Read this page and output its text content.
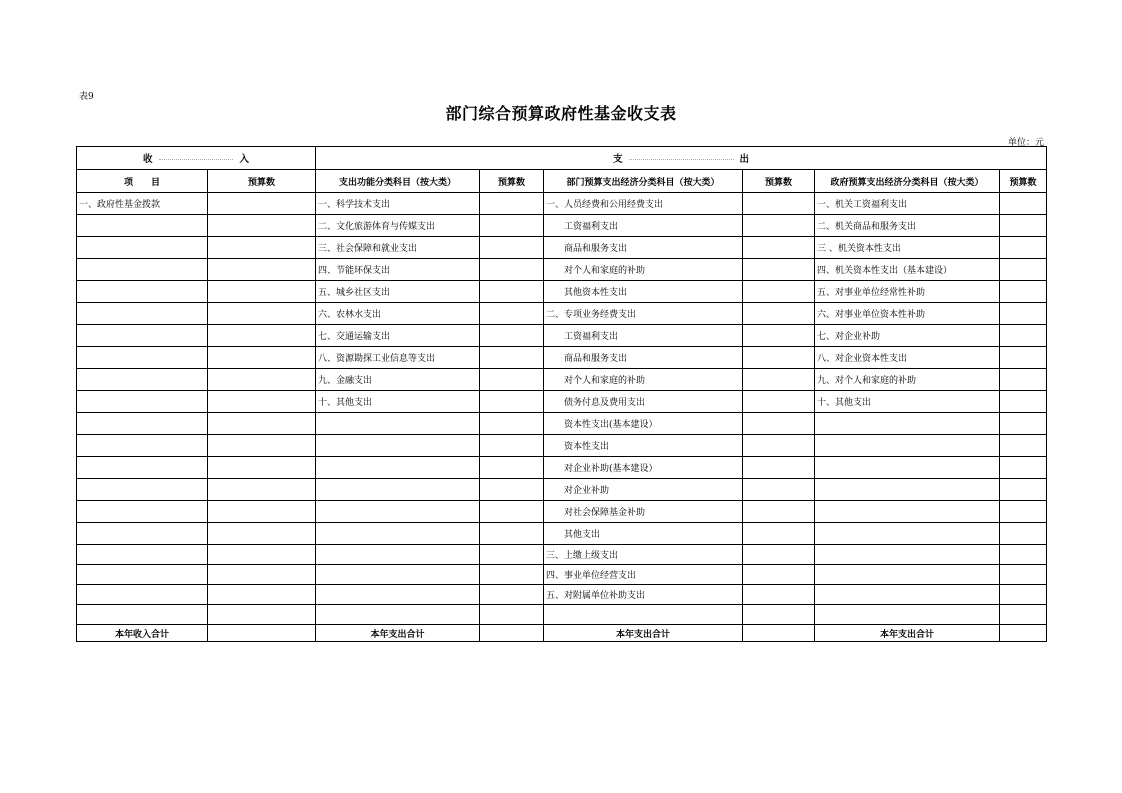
表9
部门综合预算政府性基金收支表
单位：元
收 入		支 出					

项　　目	预算数	支出功能分类科目（按大类）	预算数	部门预算支出经济分类科目（按大类）	预算数	政府预算支出经济分类科目（按大类）	预算数
一、政府性基金拨款		一、科学技术支出		一、人员经费和公用经费支出		一、机关工资福利支出	
		二、文化旅游体育与传媒支出		工资福利支出		二、机关商品和服务支出	
		三、社会保障和就业支出		商品和服务支出		三 、机关资本性支出	
		四、节能环保支出		对个人和家庭的补助		四、机关资本性支出（基本建设）	
		五、城乡社区支出		其他资本性支出		五、对事业单位经常性补助	
		六、农林水支出		二、专项业务经费支出		六、对事业单位资本性补助	
		七、交通运输支出		工资福利支出		七、对企业补助	
		八、资源勘探工业信息等支出		商品和服务支出		八、对企业资本性支出	
		九、金融支出		对个人和家庭的补助		九、对个人和家庭的补助	
		十、其他支出		债务付息及费用支出		十、其他支出	
				资本性支出(基本建设）			
				资本性支出			
				对企业补助(基本建设）			
				对企业补助			
				对社会保障基金补助			
				其他支出			
				三、上缴上级支出			
				四、事业单位经营支出			
				五、对附属单位补助支出			

本年收入合计		本年支出合计		本年支出合计		本年支出合计	
